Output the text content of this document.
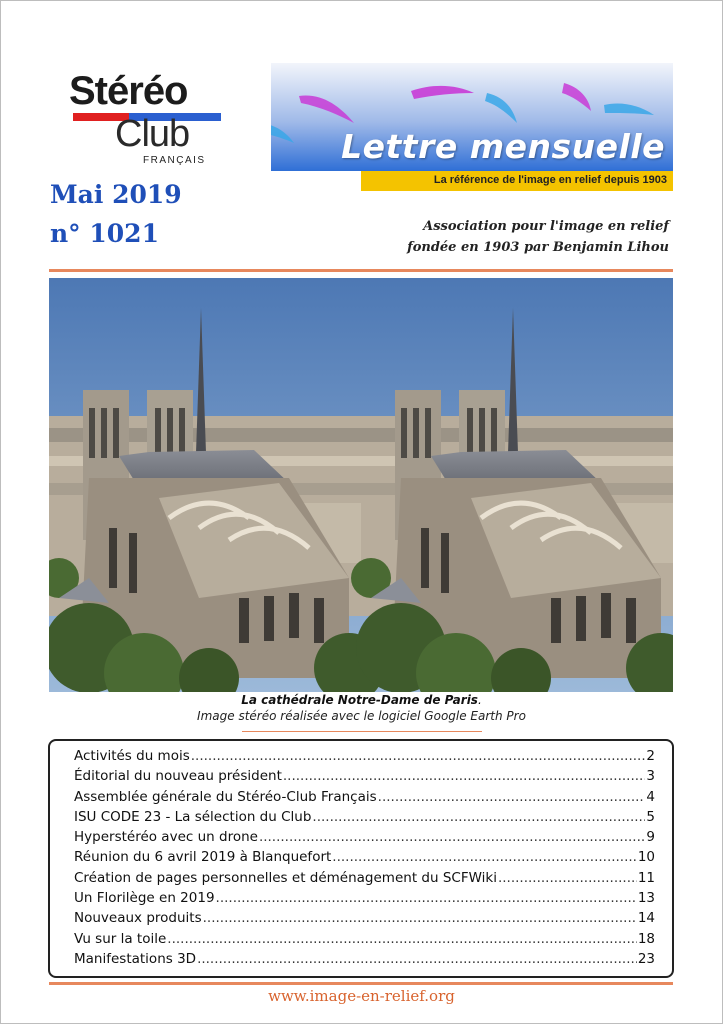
Stéréo
Club
FRANÇAIS	Lettre mensuelle
La référence de l'image en relief depuis 1903
Mai 2019
n° 1021	Association pour l'image en relief
fondée en 1903 par Benjamin Lihou
La cathédrale Notre-Dame de Paris.
Image stéréo réalisée avec le logiciel Google Earth Pro
Activités du mois .....	2
Éditorial du nouveau président .....	3
Assemblée générale du Stéréo-Club Français .....	4
ISU CODE 23 - La sélection du Club .....	5
Hyperstéréo avec un drone .....	9
Réunion du 6 avril 2019 à Blanquefort .....	10
Création de pages personnelles et déménagement du SCFWiki .....	11
Un Florilège en 2019 .....	13
Nouveaux produits .....	14
Vu sur la toile .....	18
Manifestations 3D .....	23
www.image-en-relief.org
